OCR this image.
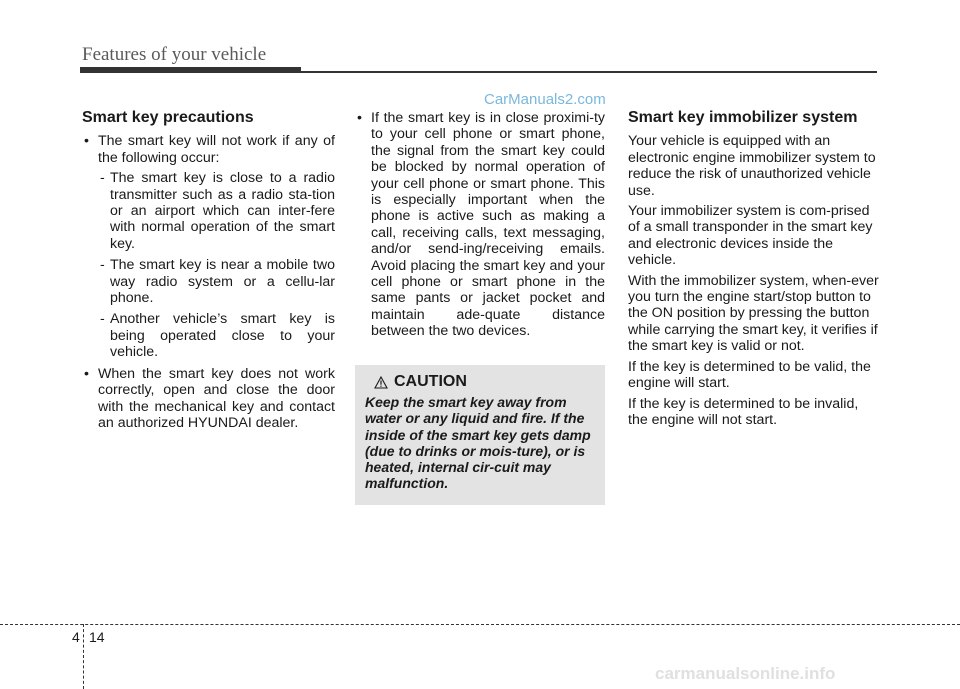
Features of your vehicle
CarManuals2.com
Smart key precautions
• The smart key will not work if any of the following occur:
- The smart key is close to a radio transmitter such as a radio sta-tion or an airport which can inter-fere with normal operation of the smart key.
- The smart key is near a mobile two way radio system or a cellu-lar phone.
- Another vehicle’s smart key is being operated close to your vehicle.
• When the smart key does not work correctly, open and close the door with the mechanical key and contact an authorized HYUNDAI dealer.
• If the smart key is in close proximi-ty to your cell phone or smart phone, the signal from the smart key could be blocked by normal operation of your cell phone or smart phone. This is especially important when the phone is active such as making a call, receiving calls, text messaging, and/or send-ing/receiving emails. Avoid placing the smart key and your cell phone or smart phone in the same pants or jacket pocket and maintain ade-quate distance between the two devices.
CAUTION

Keep the smart key away from water or any liquid and fire. If the inside of the smart key gets damp (due to drinks or mois-ture), or is heated, internal cir-cuit may malfunction.

Smart key immobilizer system

Your vehicle is equipped with an electronic engine immobilizer system to reduce the risk of unauthorized vehicle use.

Your immobilizer system is com-prised of a small transponder in the smart key and electronic devices inside the vehicle.

With the immobilizer system, when-ever you turn the engine start/stop button to the ON position by pressing the button while carrying the smart key, it verifies if the smart key is valid or not.

If the key is determined to be valid, the engine will start.

If the key is determined to be invalid, the engine will not start.

4 14
carmanualsonline.info
